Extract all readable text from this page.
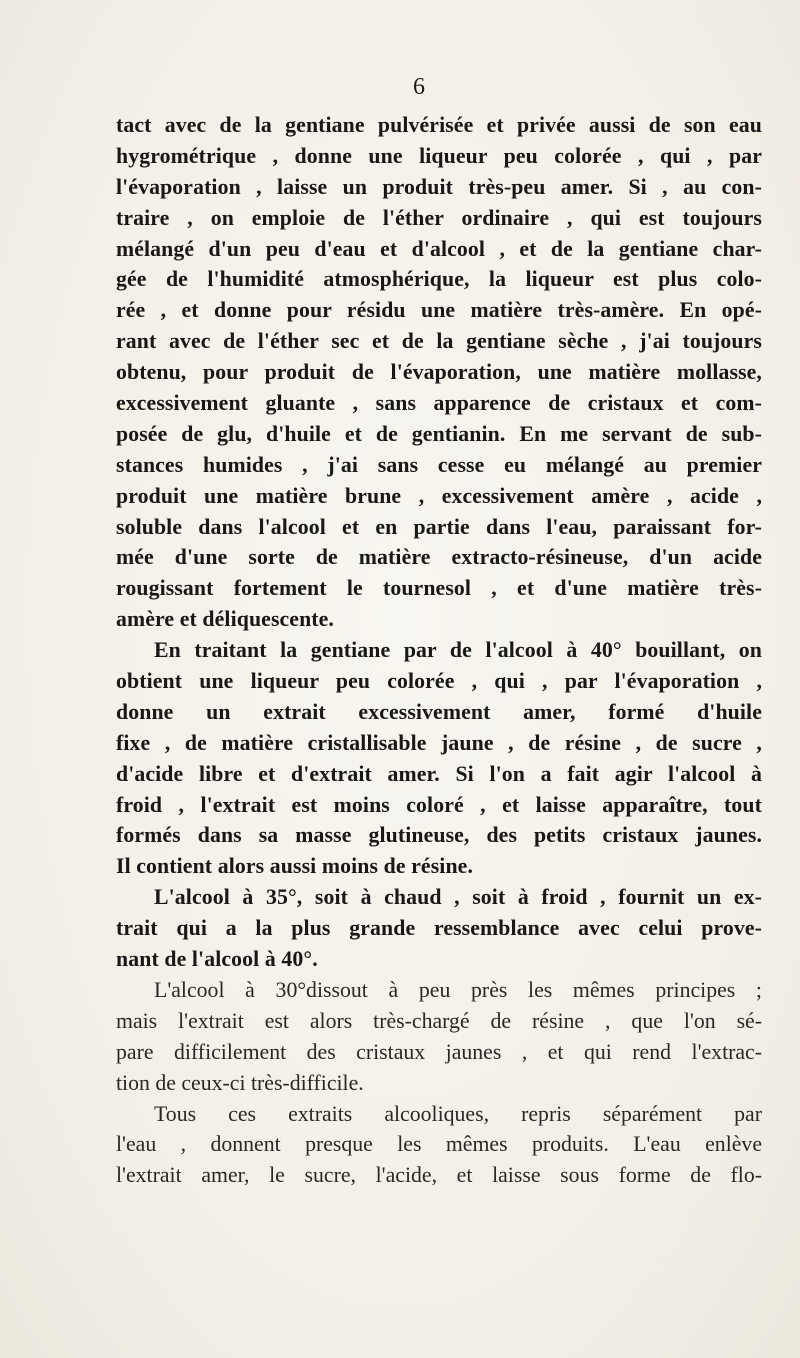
6
tact avec de la gentiane pulvérisée et privée aussi de son eau
hygrométrique , donne une liqueur peu colorée , qui , par
l'évaporation , laisse un produit très-peu amer. Si , au con-
traire , on emploie de l'éther ordinaire , qui est toujours
mélangé d'un peu d'eau et d'alcool , et de la gentiane char-
gée de l'humidité atmosphérique, la liqueur est plus colo-
rée , et donne pour résidu une matière très-amère. En opé-
rant avec de l'éther sec et de la gentiane sèche , j'ai toujours
obtenu, pour produit de l'évaporation, une matière mollasse,
excessivement gluante , sans apparence de cristaux et com-
posée de glu, d'huile et de gentianin. En me servant de sub-
stances humides , j'ai sans cesse eu mélangé au premier
produit une matière brune , excessivement amère , acide ,
soluble dans l'alcool et en partie dans l'eau, paraissant for-
mée d'une sorte de matière extracto-résineuse, d'un acide
rougissant fortement le tournesol , et d'une matière très-
amère et déliquescente.
En traitant la gentiane par de l'alcool à 40° bouillant, on
obtient une liqueur peu colorée , qui , par l'évaporation ,
donne un extrait excessivement amer, formé d'huile
fixe , de matière cristallisable jaune , de résine , de sucre ,
d'acide libre et d'extrait amer. Si l'on a fait agir l'alcool à
froid , l'extrait est moins coloré , et laisse apparaître, tout
formés dans sa masse glutineuse, des petits cristaux jaunes.
Il contient alors aussi moins de résine.
L'alcool à 35°, soit à chaud , soit à froid , fournit un ex-
trait qui a la plus grande ressemblance avec celui prove-
nant de l'alcool à 40°.
L'alcool à 30°dissout à peu près les mêmes principes ;
mais l'extrait est alors très-chargé de résine , que l'on sé-
pare difficilement des cristaux jaunes , et qui rend l'extrac-
tion de ceux-ci très-difficile.
Tous ces extraits alcooliques, repris séparément par
l'eau , donnent presque les mêmes produits. L'eau enlève
l'extrait amer, le sucre, l'acide, et laisse sous forme de flo-
